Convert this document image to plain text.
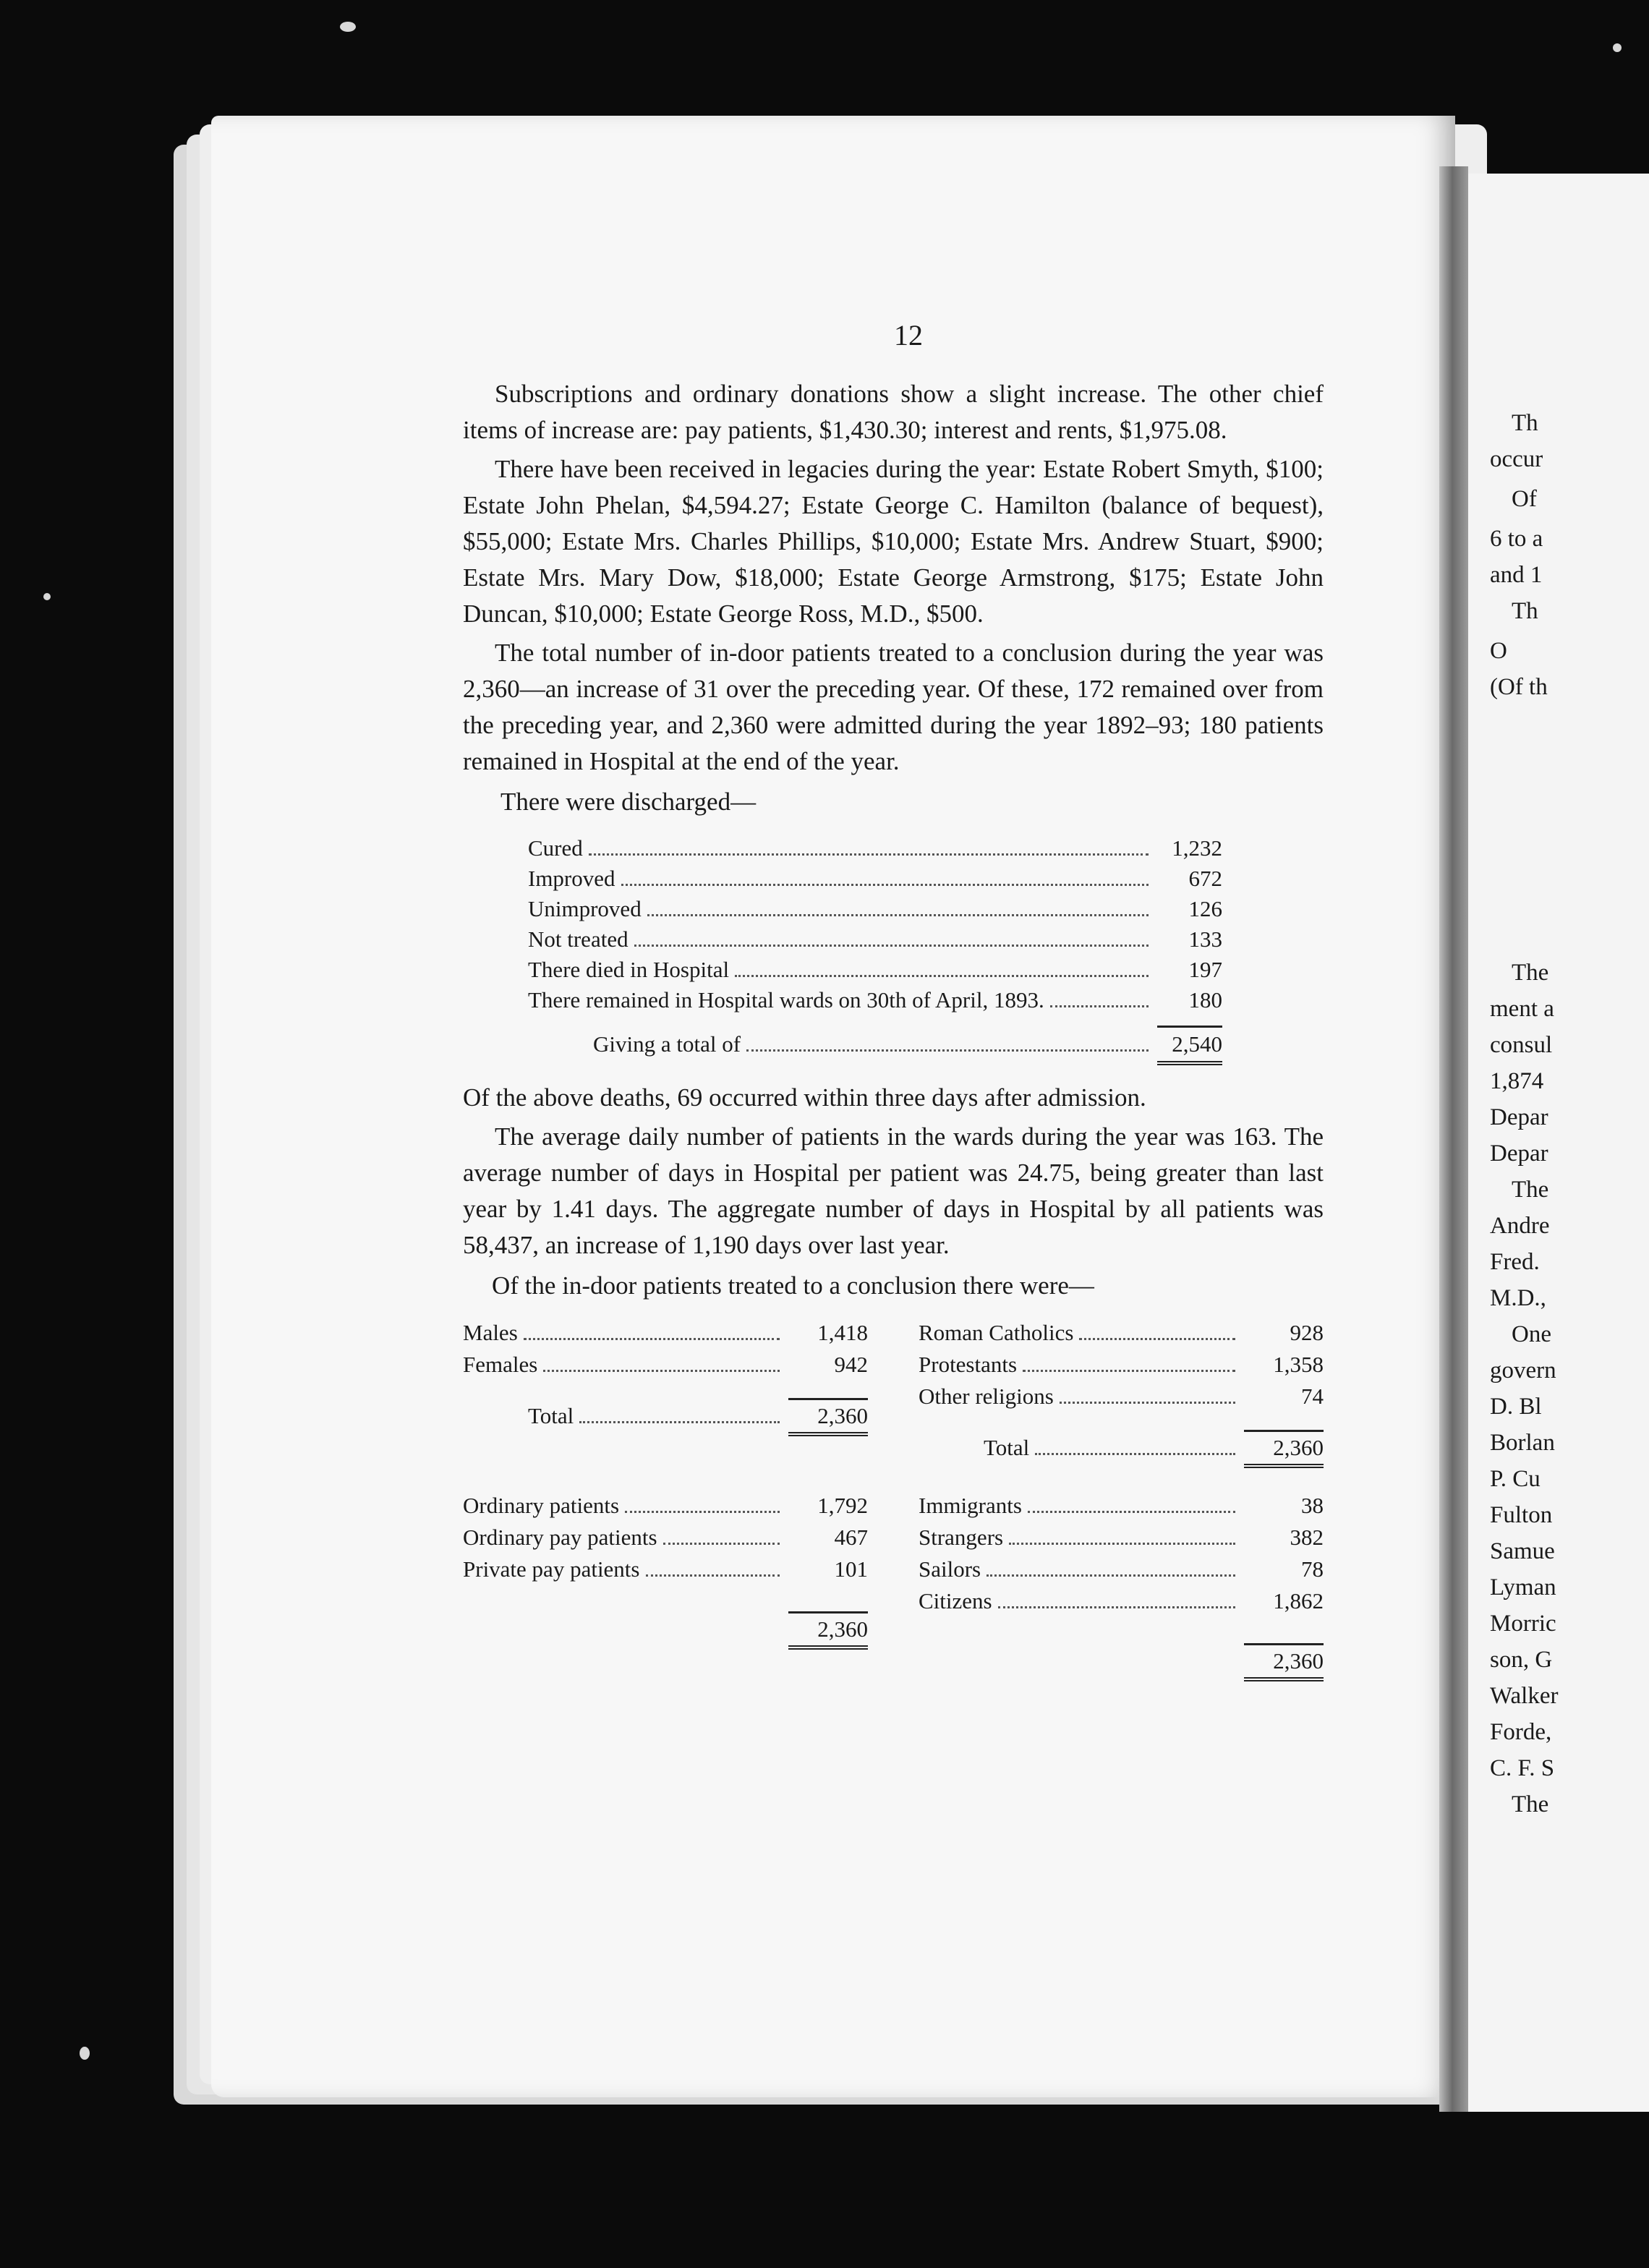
Th
occur
Of
6 to a
and 1
Th
O
(Of th
The
ment a
consul
1,874
Depar
Depar
The
Andre
Fred.
M.D.,
One
govern
D. Bl
Borlan
P. Cu
Fulton
Samue
Lyman
Morric
son, G
Walker
Forde,
C. F. S
The
12

Subscriptions and ordinary donations show a slight increase. The other chief items of increase are: pay patients, $1,430.30; interest and rents, $1,975.08.

There have been received in legacies during the year: Estate Robert Smyth, $100; Estate John Phelan, $4,594.27; Estate George C. Hamilton (balance of bequest), $55,000; Estate Mrs. Charles Phillips, $10,000; Estate Mrs. Andrew Stuart, $900; Estate Mrs. Mary Dow, $18,000; Estate George Armstrong, $175; Estate John Duncan, $10,000; Estate George Ross, M.D., $500.

The total number of in-door patients treated to a conclusion during the year was 2,360—an increase of 31 over the preceding year. Of these, 172 remained over from the preceding year, and 2,360 were admitted during the year 1892–93; 180 patients remained in Hospital at the end of the year.

There were discharged—
Cured	1,232
Improved	672
Unimproved	126
Not treated	133
There died in Hospital	197
There remained in Hospital wards on 30th of April, 1893.	180
Giving a total of	2,540

Of the above deaths, 69 occurred within three days after admission.

The average daily number of patients in the wards during the year was 163. The average number of days in Hospital per patient was 24.75, being greater than last year by 1.41 days. The aggregate number of days in Hospital by all patients was 58,437, an increase of 1,190 days over last year.

Of the in-door patients treated to a conclusion there were—
Males	1,418
Females	942
Total	2,360
Roman Catholics	928
Protestants	1,358
Other religions	74
Total	2,360
Ordinary patients	1,792
Ordinary pay patients	467
Private pay patients	101
2,360
Immigrants	38
Strangers	382
Sailors	78
Citizens	1,862
2,360
